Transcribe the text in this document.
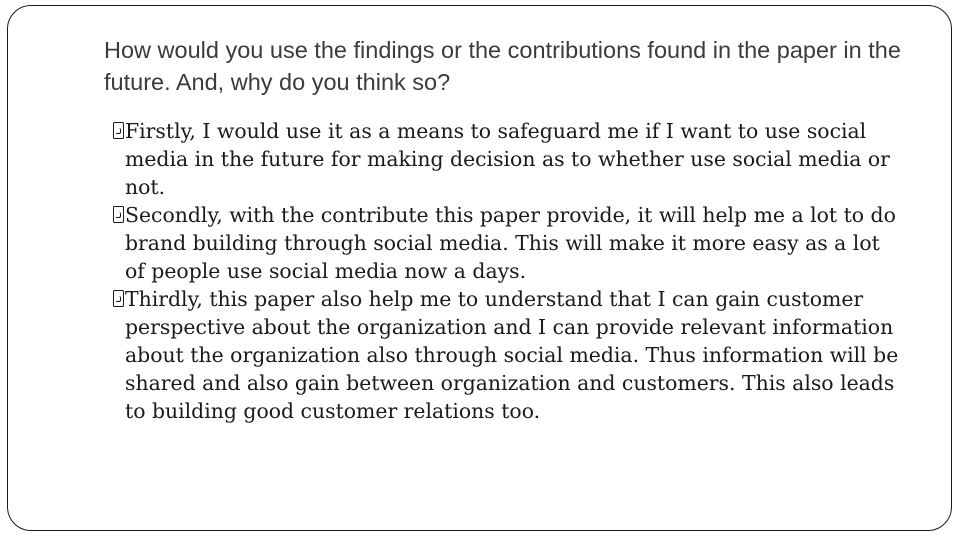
How would you use the findings or the contributions found in the paper in the future. And, why do you think so?
Firstly, I would use it as a means to safeguard me if I want to use social media in the future for making decision as to whether use social media or not.
Secondly, with the contribute this paper provide, it will help me a lot to do brand building through social media. This will make it more easy as a lot of people use social media now a days.
Thirdly, this paper also help me to understand that I can gain customer perspective about the organization and I can provide relevant information about the organization also through social media. Thus information will be shared and also gain between organization and customers. This also leads to building good customer relations too.
